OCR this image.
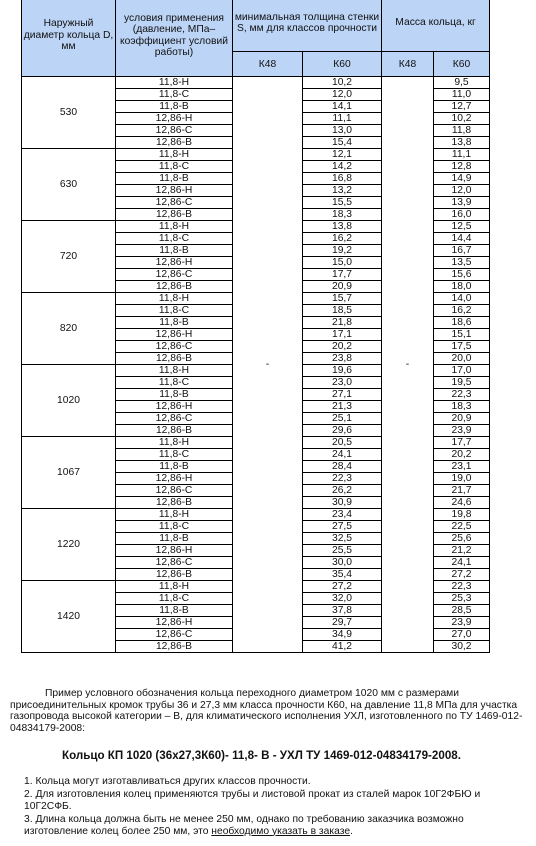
Наружный диаметр кольца D, мм	условия применения (давление, МПа– коэффициент условий работы)	минимальная толщина стенки S, мм для классов прочности		Масса кольца, кг	
		К48	К60	К48	К60
530	11,8-Н	-	10,2	-	9,5
	11,8-С		12,0		11,0
	11,8-В		14,1		12,7
	12,86-Н		11,1		10,2
	12,86-С		13,0		11,8
	12,86-В		15,4		13,8
630	11,8-Н		12,1		11,1
	11,8-С		14,2		12,8
	11,8-В		16,8		14,9
	12,86-Н		13,2		12,0
	12,86-С		15,5		13,9
	12,86-В		18,3		16,0
720	11,8-Н		13,8		12,5
	11,8-С		16,2		14,4
	11,8-В		19,2		16,7
	12,86-Н		15,0		13,5
	12,86-С		17,7		15,6
	12,86-В		20,9		18,0
820	11,8-Н		15,7		14,0
	11,8-С		18,5		16,2
	11,8-В		21,8		18,6
	12,86-Н		17,1		15,1
	12,86-С		20,2		17,5
	12,86-В		23,8		20,0
1020	11,8-Н		19,6		17,0
	11,8-С		23,0		19,5
	11,8-В		27,1		22,3
	12,86-Н		21,3		18,3
	12,86-С		25,1		20,9
	12,86-В		29,6		23,9
1067	11,8-Н		20,5		17,7
	11,8-С		24,1		20,2
	11,8-В		28,4		23,1
	12,86-Н		22,3		19,0
	12,86-С		26,2		21,7
	12,86-В		30,9		24,6
1220	11,8-Н		23,4		19,8
	11,8-С		27,5		22,5
	11,8-В		32,5		25,6
	12,86-Н		25,5		21,2
	12,86-С		30,0		24,1
	12,86-В		35,4		27,2
1420	11,8-Н		27,2		22,3
	11,8-С		32,0		25,3
	11,8-В		37,8		28,5
	12,86-Н		29,7		23,9
	12,86-С		34,9		27,0
	12,86-В		41,2		30,2
Пример условного обозначения кольца переходного диаметром 1020 мм с размерами присоединительных кромок трубы 36 и 27,3 мм класса прочности К60, на давление 11,8 МПа для участка газопровода высокой категории – В, для климатического исполнения УХЛ, изготовленного по ТУ 1469-012-04834179-2008:
Кольцо КП 1020 (36х27,3К60)- 11,8- В - УХЛ ТУ 1469-012-04834179-2008.
1. Кольца могут изготавливаться других классов прочности.
2. Для изготовления колец применяются трубы и листовой прокат из сталей марок 10Г2ФБЮ и 10Г2СФБ.
3. Длина кольца должна быть не менее 250 мм, однако по требованию заказчика возможно изготовление колец более 250 мм, это необходимо указать в заказе.
